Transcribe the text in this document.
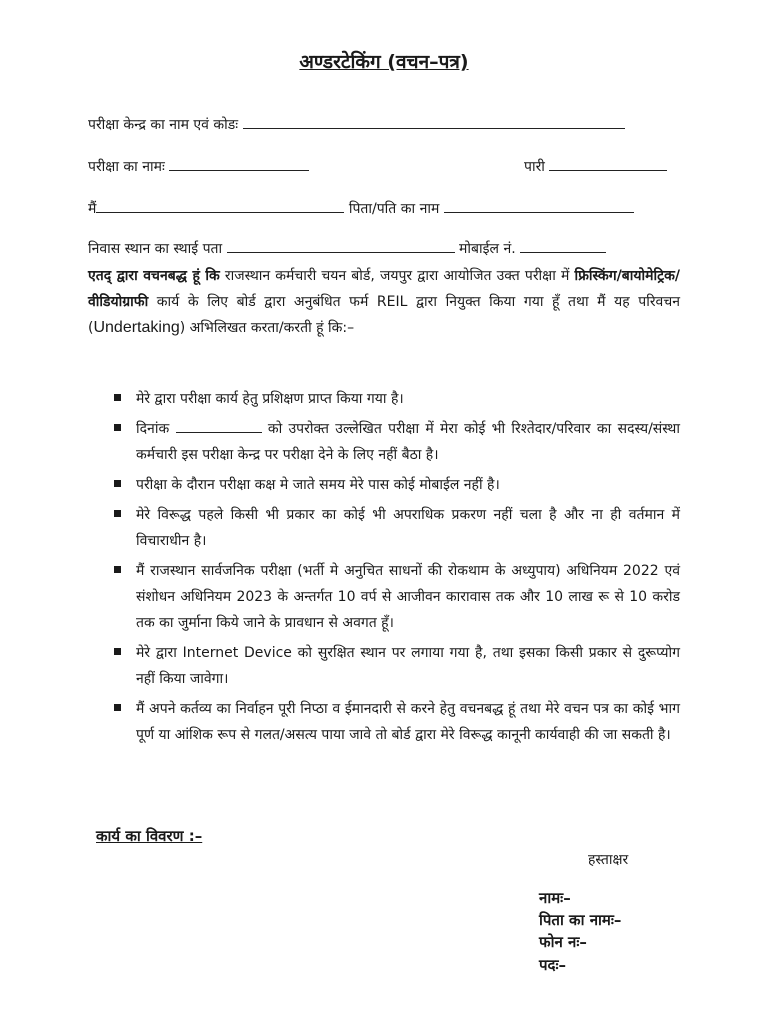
अण्डरटेकिंग (वचन–पत्र)
परीक्षा केन्द्र का नाम एवं कोडः
परीक्षा का नामः	पारी
मैं	पिता/पति का नाम
निवास स्थान का स्थाई पता	मोबाईल नं.
एतद् द्वारा वचनबद्ध हूं कि राजस्थान कर्मचारी चयन बोर्ड, जयपुर द्वारा आयोजित उक्त परीक्षा में फ्रिस्किंग/बायोमेट्रिक/वीडियोग्राफी कार्य के लिए बोर्ड द्वारा अनुबंधित फर्म REIL द्वारा नियुक्त किया गया हूँ तथा मैं यह परिवचन (Undertaking) अभिलिखत करता/करती हूं कि:–
मेरे द्वारा परीक्षा कार्य हेतु प्रशिक्षण प्राप्त किया गया है।
दिनांक	को उपरोक्त उल्लेखित परीक्षा में मेरा कोई भी रिश्तेदार/परिवार का सदस्य/संस्था कर्मचारी इस परीक्षा केन्द्र पर परीक्षा देने के लिए नहीं बैठा है।
परीक्षा के दौरान परीक्षा कक्ष मे जाते समय मेरे पास कोई मोबाईल नहीं है।
मेरे विरूद्ध पहले किसी भी प्रकार का कोई भी अपराधिक प्रकरण नहीं चला है और ना ही वर्तमान में विचाराधीन है।
मैं राजस्थान सार्वजनिक परीक्षा (भर्ती मे अनुचित साधनों की रोकथाम के अध्युपाय) अधिनियम 2022 एवं संशोधन अधिनियम 2023 के अन्तर्गत 10 वर्प से आजीवन कारावास तक और 10 लाख रू से 10 करोड तक का जुर्माना किये जाने के प्रावधान से अवगत हूँ।
मेरे द्वारा Internet Device को सुरक्षित स्थान पर लगाया गया है, तथा इसका किसी प्रकार से दुरूप्योग नहीं किया जावेगा।
मैं अपने कर्तव्य का निर्वाहन पूरी निप्ठा व ईमानदारी से करने हेतु वचनबद्ध हूं तथा मेरे वचन पत्र का कोई भाग पूर्ण या आंशिक रूप से गलत/असत्य पाया जावे तो बोर्ड द्वारा मेरे विरूद्ध कानूनी कार्यवाही की जा सकती है।
कार्य का विवरण :–
हस्ताक्षर
नामः–
पिता का नामः–
फोन नः–
पदः–
